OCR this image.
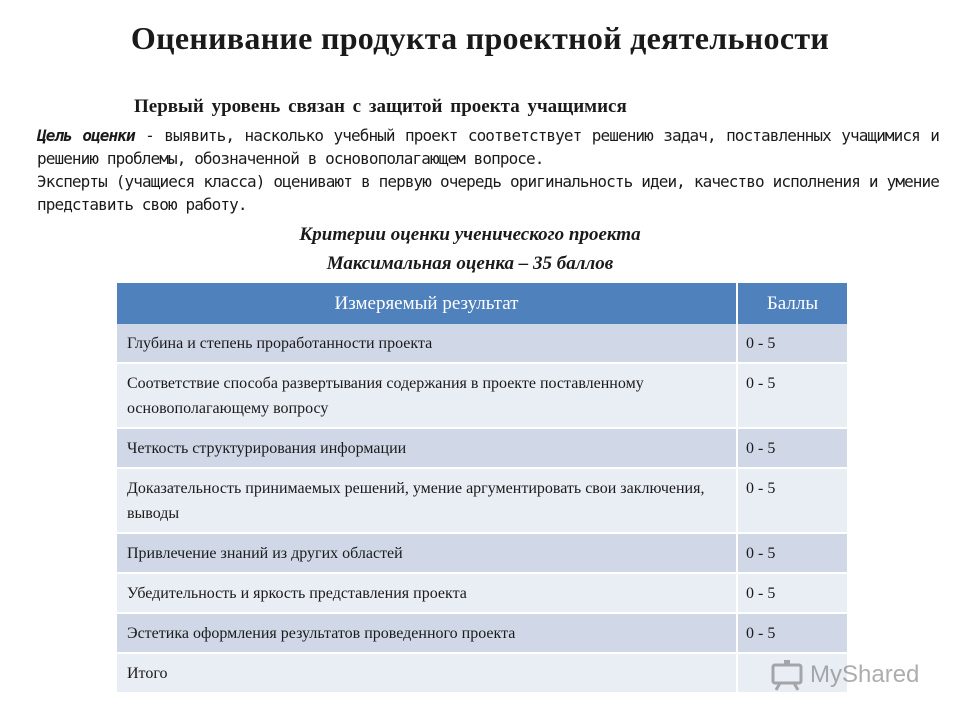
Оценивание продукта проектной деятельности
Первый уровень связан с защитой проекта учащимися
Цель оценки - выявить, насколько учебный проект соответствует решению задач, поставленных учащимися и решению проблемы, обозначенной в основополагающем вопросе.
Эксперты (учащиеся класса) оценивают в первую очередь оригинальность идеи, качество исполнения и умение представить свою работу.
Критерии оценки ученического проекта
Максимальная оценка – 35 баллов
Измеряемый результат	Баллы
Глубина и степень проработанности проекта	0 - 5
Соответствие способа развертывания содержания в проекте поставленному основополагающему вопросу	0 - 5
Четкость структурирования информации	0 - 5
Доказательность принимаемых решений, умение аргументировать свои заключения, выводы	0 - 5
Привлечение знаний из других областей	0 - 5
Убедительность и яркость представления проекта	0 - 5
Эстетика оформления результатов проведенного проекта	0 - 5
Итого		MyShared
